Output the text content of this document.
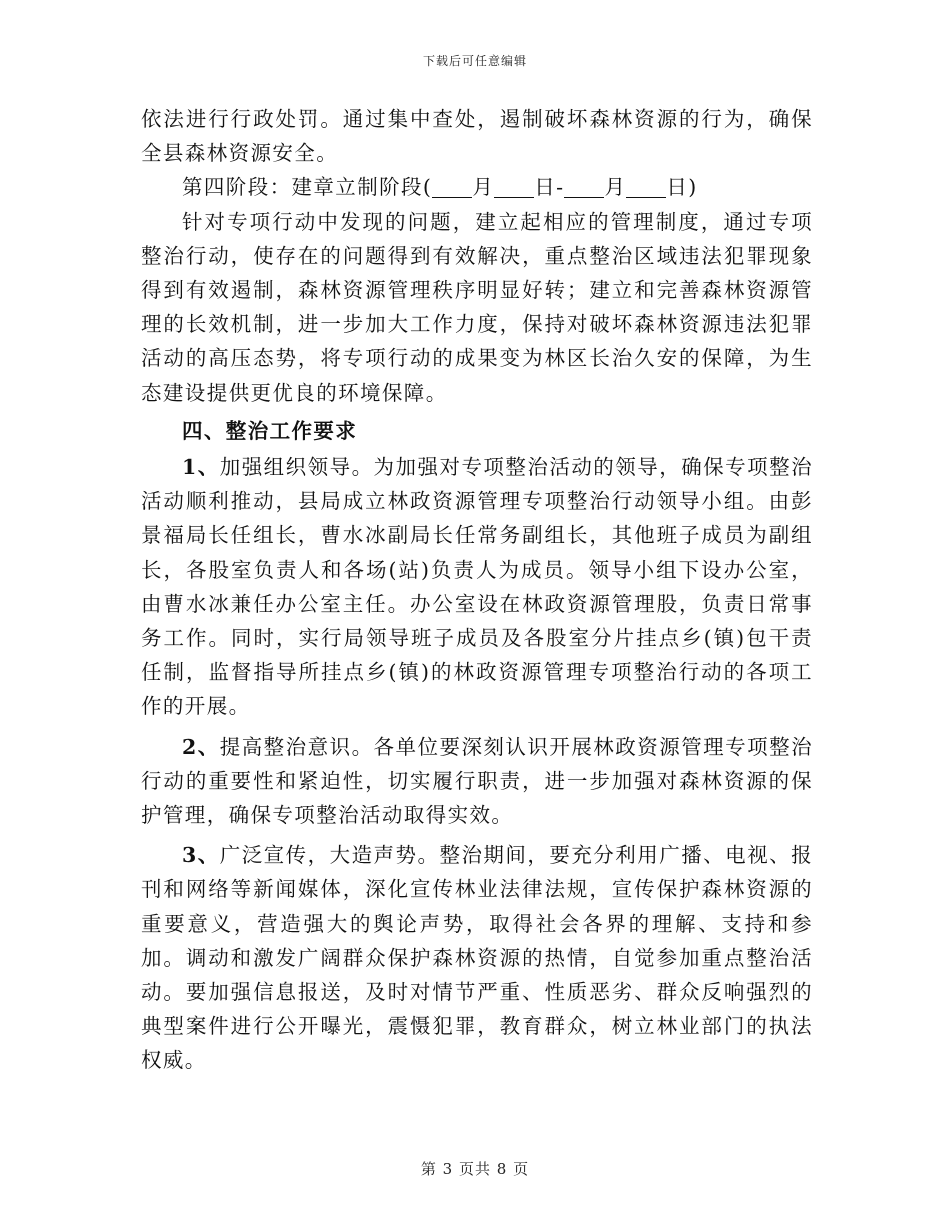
下载后可任意编辑

依法进行行政处罚。通过集中查处，遏制破坏森林资源的行为，确保全县森林资源安全。

第四阶段：建章立制阶段( 月 日- 月 日)

针对专项行动中发现的问题，建立起相应的管理制度，通过专项整治行动，使存在的问题得到有效解决，重点整治区域违法犯罪现象得到有效遏制，森林资源管理秩序明显好转；建立和完善森林资源管理的长效机制，进一步加大工作力度，保持对破坏森林资源违法犯罪活动的高压态势，将专项行动的成果变为林区长治久安的保障，为生态建设提供更优良的环境保障。

四、整治工作要求

1、加强组织领导。为加强对专项整治活动的领导，确保专项整治活动顺利推动，县局成立林政资源管理专项整治行动领导小组。由彭景福局长任组长，曹水冰副局长任常务副组长，其他班子成员为副组长，各股室负责人和各场(站)负责人为成员。领导小组下设办公室，由曹水冰兼任办公室主任。办公室设在林政资源管理股，负责日常事务工作。同时，实行局领导班子成员及各股室分片挂点乡(镇)包干责任制，监督指导所挂点乡(镇)的林政资源管理专项整治行动的各项工作的开展。

2、提高整治意识。各单位要深刻认识开展林政资源管理专项整治行动的重要性和紧迫性，切实履行职责，进一步加强对森林资源的保护管理，确保专项整治活动取得实效。

3、广泛宣传，大造声势。整治期间，要充分利用广播、电视、报刊和网络等新闻媒体，深化宣传林业法律法规，宣传保护森林资源的重要意义，营造强大的舆论声势，取得社会各界的理解、支持和参加。调动和激发广阔群众保护森林资源的热情，自觉参加重点整治活动。要加强信息报送，及时对情节严重、性质恶劣、群众反响强烈的典型案件进行公开曝光，震慑犯罪，教育群众，树立林业部门的执法权威。

第 3 页共 8 页
